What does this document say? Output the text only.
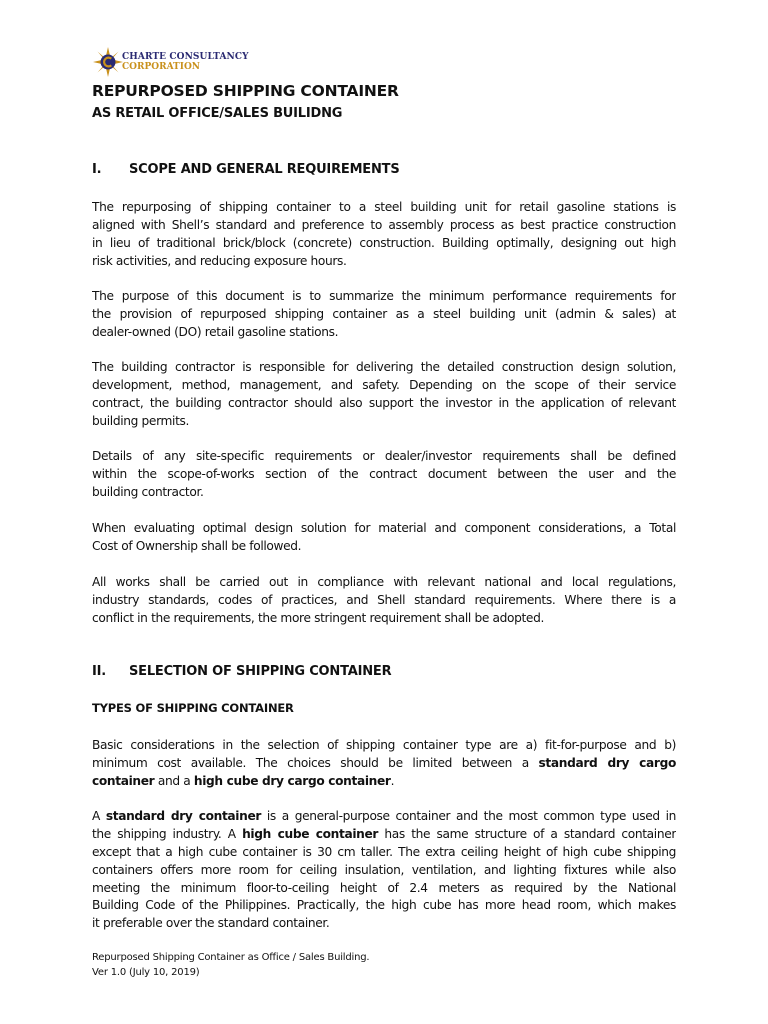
CHARTE CONSULTANCY
CORPORATION
REPURPOSED SHIPPING CONTAINER
AS RETAIL OFFICE/SALES BUILIDNG
I. SCOPE AND GENERAL REQUIREMENTS
The repurposing of shipping container to a steel building unit for retail gasoline stations is
aligned with Shell’s standard and preference to assembly process as best practice construction
in lieu of traditional brick/block (concrete) construction. Building optimally, designing out high
risk activities, and reducing exposure hours.
The purpose of this document is to summarize the minimum performance requirements for
the provision of repurposed shipping container as a steel building unit (admin & sales) at
dealer-owned (DO) retail gasoline stations.
The building contractor is responsible for delivering the detailed construction design solution,
development, method, management, and safety. Depending on the scope of their service
contract, the building contractor should also support the investor in the application of relevant
building permits.
Details of any site-specific requirements or dealer/investor requirements shall be defined
within the scope-of-works section of the contract document between the user and the
building contractor.
When evaluating optimal design solution for material and component considerations, a Total
Cost of Ownership shall be followed.
All works shall be carried out in compliance with relevant national and local regulations,
industry standards, codes of practices, and Shell standard requirements. Where there is a
conflict in the requirements, the more stringent requirement shall be adopted.
II. SELECTION OF SHIPPING CONTAINER
TYPES OF SHIPPING CONTAINER
Basic considerations in the selection of shipping container type are a) fit-for-purpose and b)
minimum cost available. The choices should be limited between a standard dry cargo
container and a high cube dry cargo container.
A standard dry container is a general-purpose container and the most common type used in
the shipping industry. A high cube container has the same structure of a standard container
except that a high cube container is 30 cm taller. The extra ceiling height of high cube shipping
containers offers more room for ceiling insulation, ventilation, and lighting fixtures while also
meeting the minimum floor-to-ceiling height of 2.4 meters as required by the National
Building Code of the Philippines. Practically, the high cube has more head room, which makes
it preferable over the standard container.
Repurposed Shipping Container as Office / Sales Building.
Ver 1.0 (July 10, 2019)
